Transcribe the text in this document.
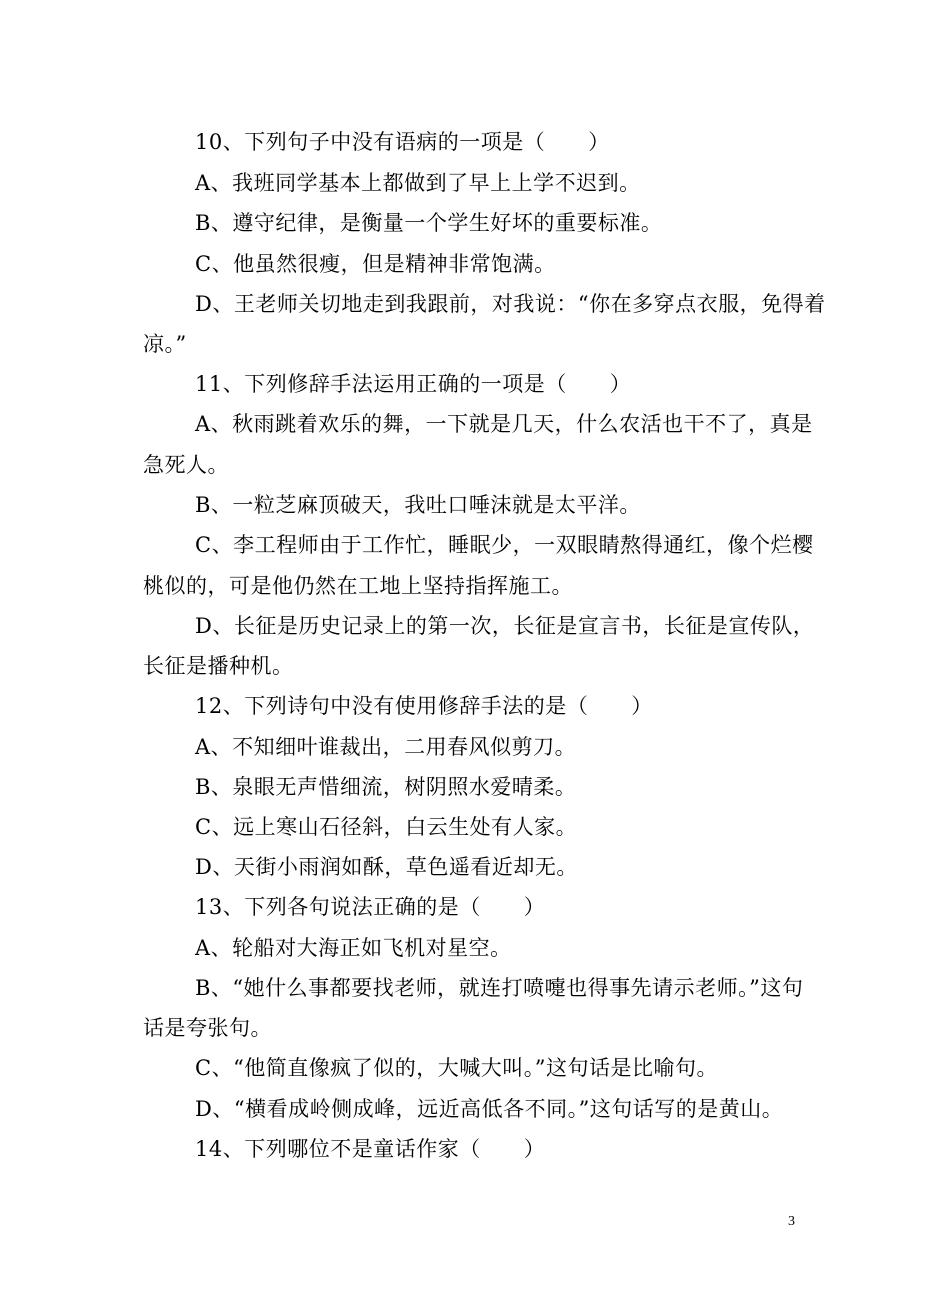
10、下列句子中没有语病的一项是（　　）
A、我班同学基本上都做到了早上上学不迟到。
B、遵守纪律，是衡量一个学生好坏的重要标准。
C、他虽然很瘦，但是精神非常饱满。
D、王老师关切地走到我跟前，对我说：“你在多穿点衣服，免得着
凉。”
11、下列修辞手法运用正确的一项是（　　）
A、秋雨跳着欢乐的舞，一下就是几天，什么农活也干不了，真是
急死人。
B、一粒芝麻顶破天，我吐口唾沫就是太平洋。
C、李工程师由于工作忙，睡眠少，一双眼睛熬得通红，像个烂樱
桃似的，可是他仍然在工地上坚持指挥施工。
D、长征是历史记录上的第一次，长征是宣言书，长征是宣传队，
长征是播种机。
12、下列诗句中没有使用修辞手法的是（　　）
A、不知细叶谁裁出，二用春风似剪刀。
B、泉眼无声惜细流，树阴照水爱晴柔。
C、远上寒山石径斜，白云生处有人家。
D、天街小雨润如酥，草色遥看近却无。
13、下列各句说法正确的是（　　）
A、轮船对大海正如飞机对星空。
B、“她什么事都要找老师，就连打喷嚏也得事先请示老师。”这句
话是夸张句。
C、“他简直像疯了似的，大喊大叫。”这句话是比喻句。
D、“横看成岭侧成峰，远近高低各不同。”这句话写的是黄山。
14、下列哪位不是童话作家（　　）
3
